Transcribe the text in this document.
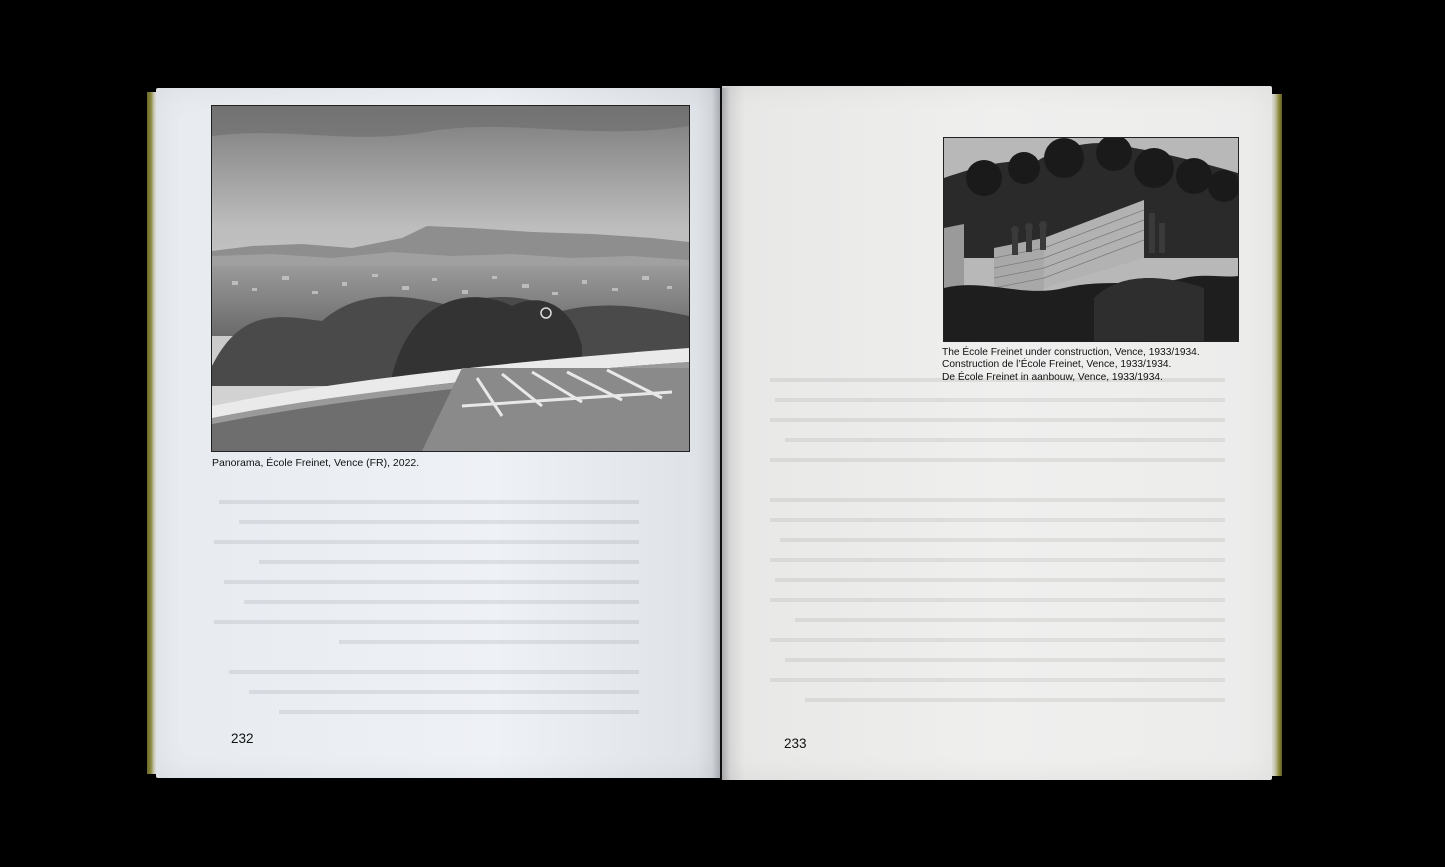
Panorama, École Freinet, Vence (FR), 2022.
The École Freinet under construction, Vence, 1933/1934.
Construction de l’École Freinet, Vence, 1933/1934.
De École Freinet in aanbouw, Vence, 1933/1934.
232	233
